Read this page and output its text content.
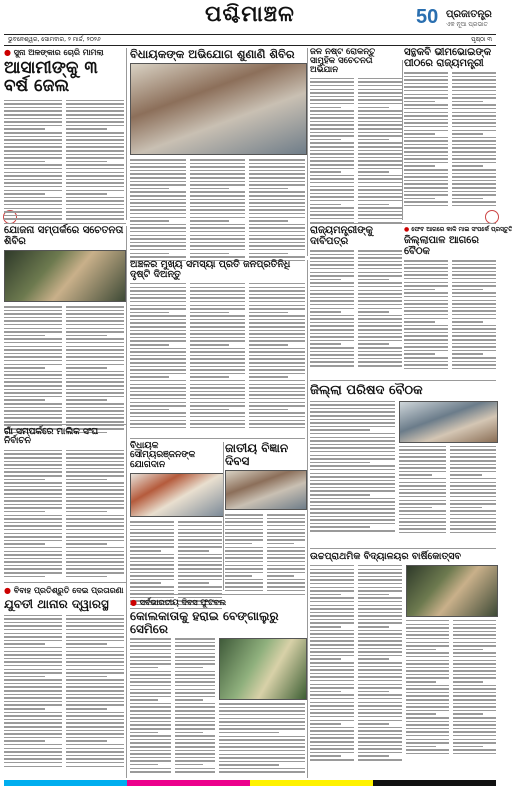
ପଶ୍ଚିମାଞ୍ଚଳ	50 ପ୍ରଜାତନ୍ତ୍ର
ଏକ ନୂଆ ପ୍ରଭାତ
ଭୁବନେଶ୍ୱର, ସୋମବାର, ୨ ମାର୍ଚ୍ଚ, ୨୦୨୬	ପୃଷ୍ଠା ୩
● ସୁନା ଅଳଙ୍କାର ଚୋରି ମାମଲା
ଆସାମୀଙ୍କୁ ୩ ବର୍ଷ ଜେଲ
ବିଧାୟକଙ୍କ ଅଭିଯୋଗ ଶୁଣାଣି ଶିବିର	ଜଳ ନଷ୍ଟ ରୋକନ୍ତୁ ସାମୁହିକ ସଚେତନତା ଅଭିଯାନ
ସନ୍ଥକବି ଭୀମଭୋଇଙ୍କ ପୀଠରେ ରାଜ୍ୟମନ୍ତ୍ରୀ
ଯୋଜନା ସମ୍ପର୍କରେ ସଚେତନତା ଶିବିର
ଅଞ୍ଚଳର ମୁଖ୍ୟ ସମସ୍ୟା ପ୍ରତି ଜନପ୍ରତିନିଧି ଦୃଷ୍ଟି ଦିଅନ୍ତୁ
ରାଜ୍ୟମନ୍ତ୍ରୀଙ୍କୁ ଦାବିପତ୍ର
● ଫେବ ଆଗରେ କାଳି ମାଇ ସଂପର୍କେ ପ୍ରସ୍ତୁତି
ଜିଲ୍ଲାପାଳ ଆଗରେ ବୈଠକ
ଜିଲ୍ଲା ପରିଷଦ ବୈଠକ
ଗାଁ ସମ୍ପର୍କରେ ମାଲିକ ସଂଘ ନିର୍ବାଚନ	ବିଧାୟକ ସୌମ୍ୟରଞ୍ଜନଙ୍କ ଯୋଗଦାନ
ଜାତୀୟ ବିଜ୍ଞାନ ଦିବସ
● ବିବାହ ପ୍ରତିଶ୍ରୁତି ଦେଇ ପ୍ରତାରଣା
ଯୁବତୀ ଥାନାର ଦ୍ୱାରସ୍ଥ	● ସର୍ବଭାରତୀୟ ଦିବସ ଫୁଟବଲ
କୋଲକାତାକୁ ହରାଇ ବେଙ୍ଗାଲୁରୁ ସେମିରେ
ଉଚ୍ଚପ୍ରାଥମିକ ବିଦ୍ୟାଳୟର ବାର୍ଷିକୋତ୍ସବ
